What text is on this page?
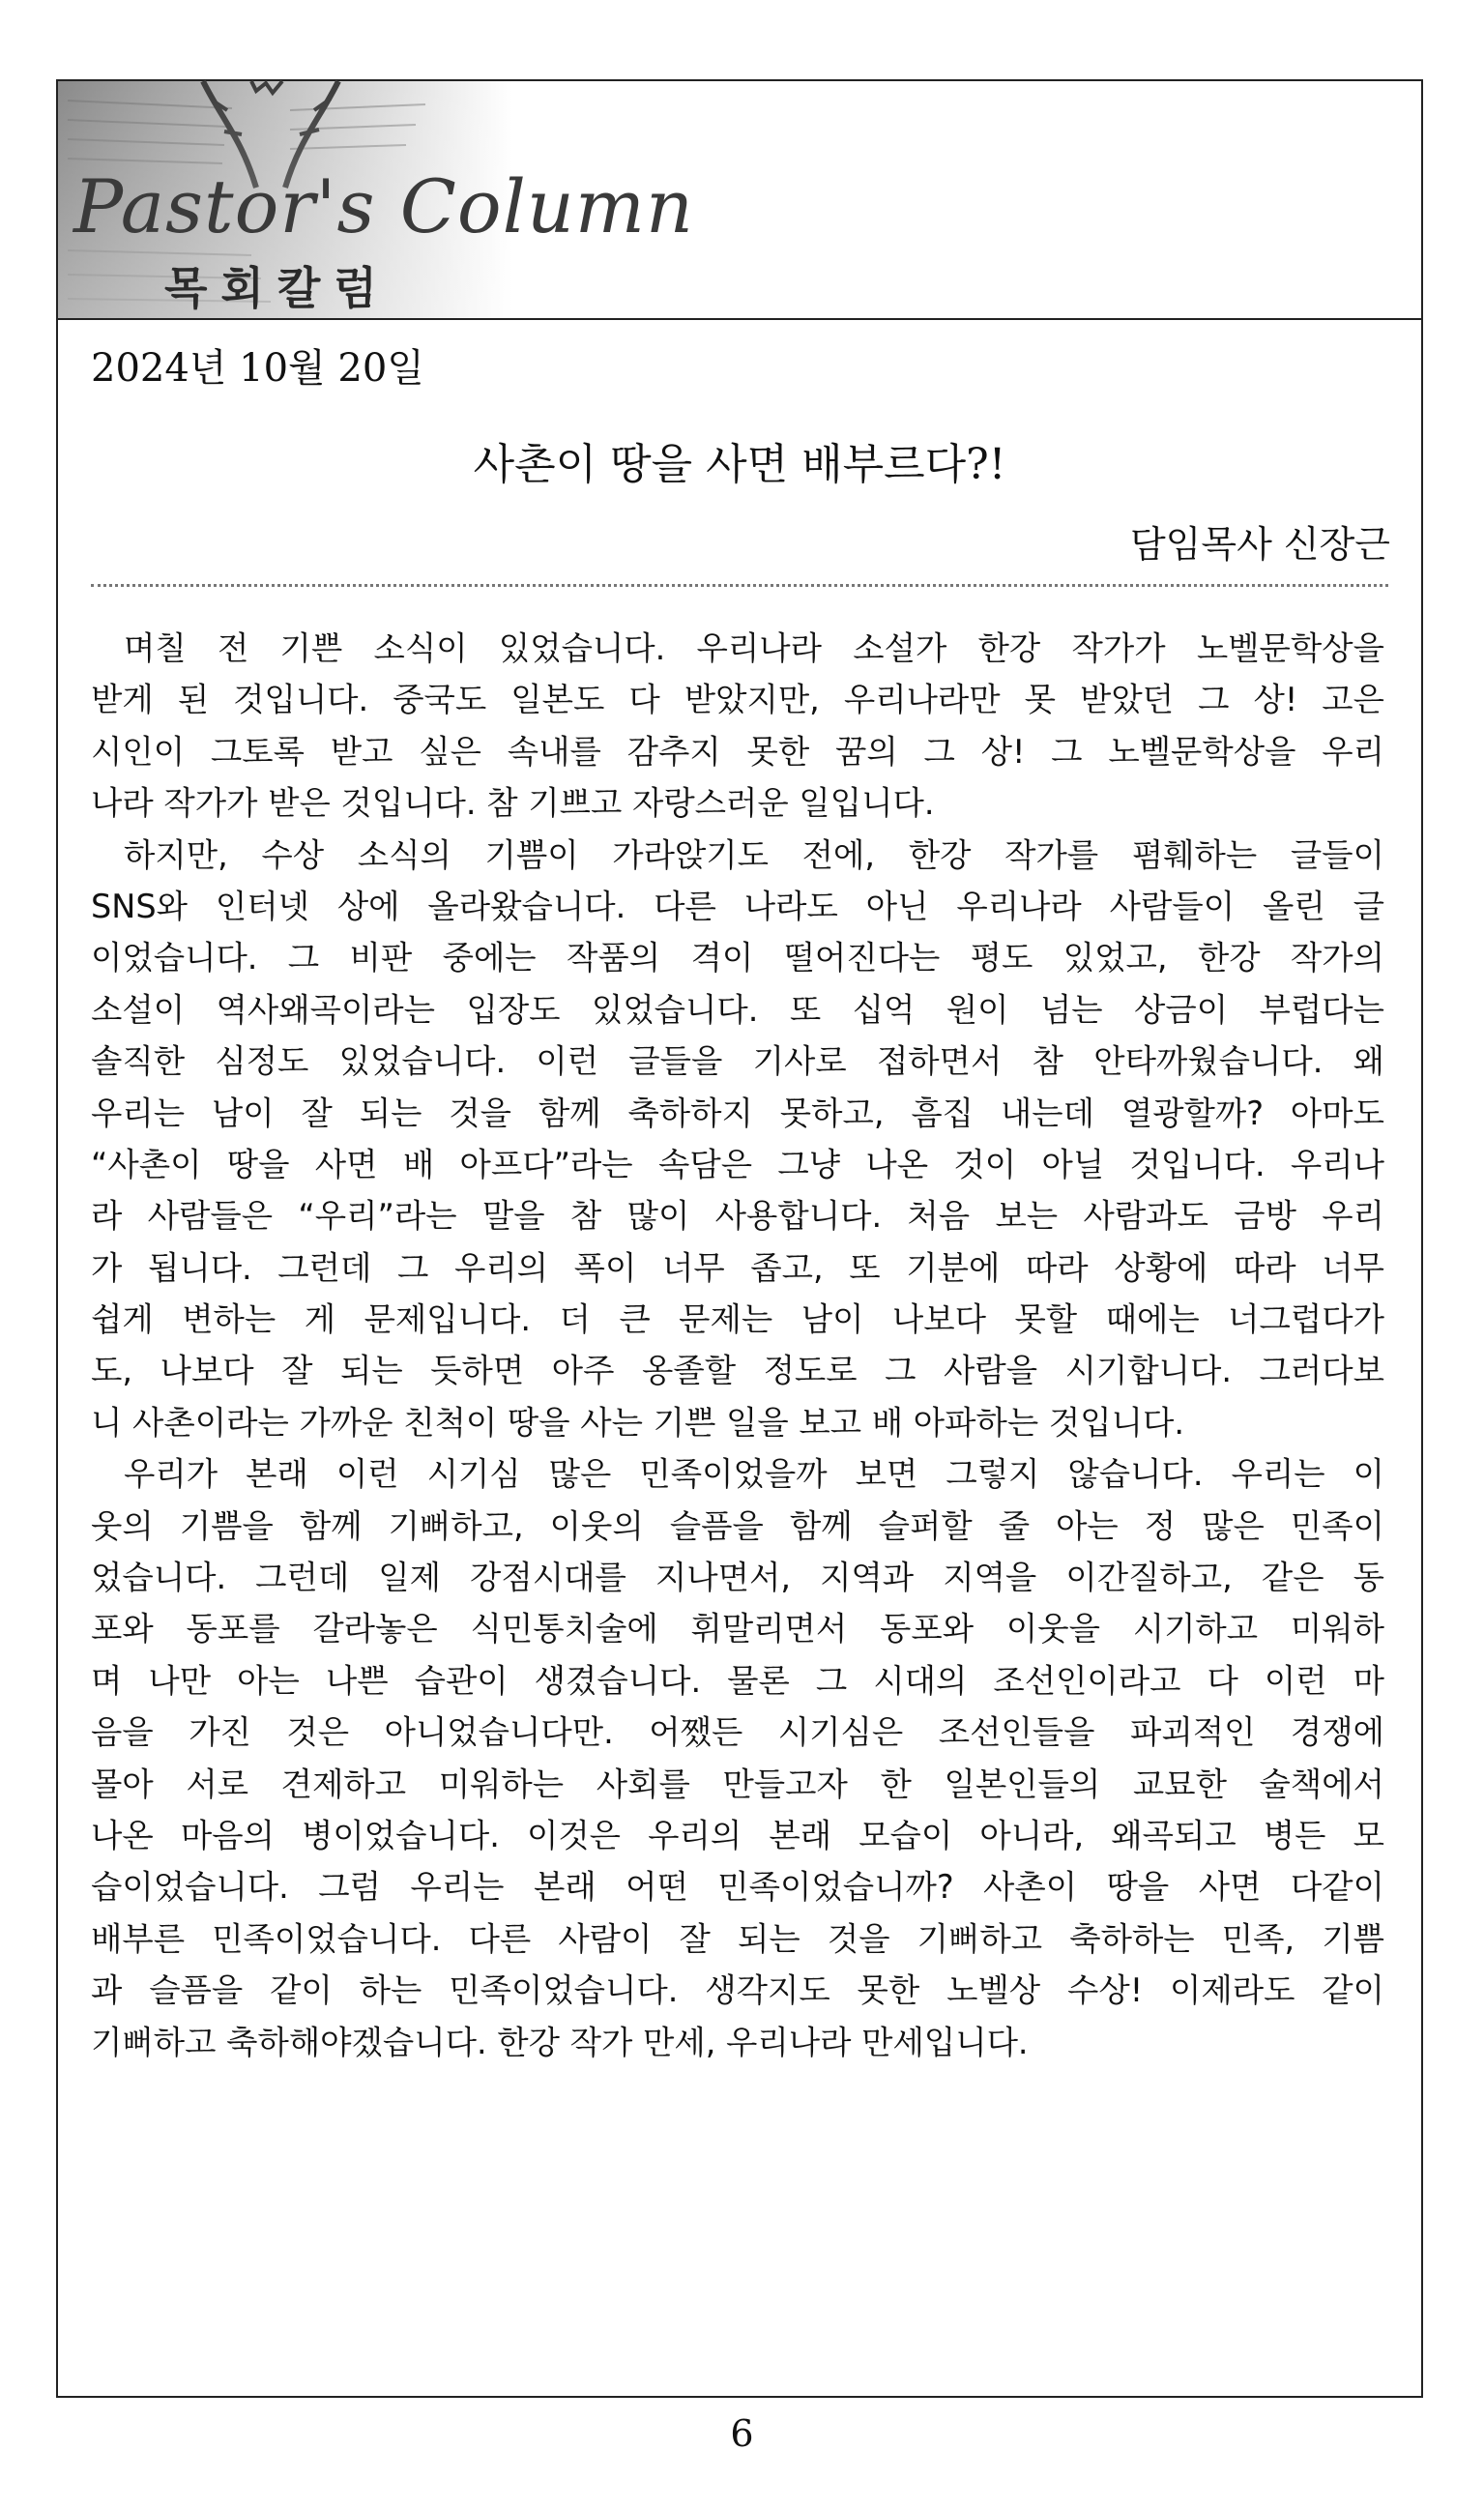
Pastor's Column
목회칼럼
2024년 10월 20일
사촌이 땅을 사면 배부르다?!
담임목사 신장근
며칠 전 기쁜 소식이 있었습니다. 우리나라 소설가 한강 작가가 노벨문학상을
받게 된 것입니다. 중국도 일본도 다 받았지만, 우리나라만 못 받았던 그 상! 고은
시인이 그토록 받고 싶은 속내를 감추지 못한 꿈의 그 상! 그 노벨문학상을 우리
나라 작가가 받은 것입니다. 참 기쁘고 자랑스러운 일입니다.
하지만, 수상 소식의 기쁨이 가라앉기도 전에, 한강 작가를 폄훼하는 글들이
SNS와 인터넷 상에 올라왔습니다. 다른 나라도 아닌 우리나라 사람들이 올린 글
이었습니다. 그 비판 중에는 작품의 격이 떨어진다는 평도 있었고, 한강 작가의
소설이 역사왜곡이라는 입장도 있었습니다. 또 십억 원이 넘는 상금이 부럽다는
솔직한 심정도 있었습니다. 이런 글들을 기사로 접하면서 참 안타까웠습니다. 왜
우리는 남이 잘 되는 것을 함께 축하하지 못하고, 흠집 내는데 열광할까? 아마도
“사촌이 땅을 사면 배 아프다”라는 속담은 그냥 나온 것이 아닐 것입니다. 우리나
라 사람들은 “우리”라는 말을 참 많이 사용합니다. 처음 보는 사람과도 금방 우리
가 됩니다. 그런데 그 우리의 폭이 너무 좁고, 또 기분에 따라 상황에 따라 너무
쉽게 변하는 게 문제입니다. 더 큰 문제는 남이 나보다 못할 때에는 너그럽다가
도, 나보다 잘 되는 듯하면 아주 옹졸할 정도로 그 사람을 시기합니다. 그러다보
니 사촌이라는 가까운 친척이 땅을 사는 기쁜 일을 보고 배 아파하는 것입니다.
우리가 본래 이런 시기심 많은 민족이었을까 보면 그렇지 않습니다. 우리는 이
웃의 기쁨을 함께 기뻐하고, 이웃의 슬픔을 함께 슬퍼할 줄 아는 정 많은 민족이
었습니다. 그런데 일제 강점시대를 지나면서, 지역과 지역을 이간질하고, 같은 동
포와 동포를 갈라놓은 식민통치술에 휘말리면서 동포와 이웃을 시기하고 미워하
며 나만 아는 나쁜 습관이 생겼습니다. 물론 그 시대의 조선인이라고 다 이런 마
음을 가진 것은 아니었습니다만. 어쨌든 시기심은 조선인들을 파괴적인 경쟁에
몰아 서로 견제하고 미워하는 사회를 만들고자 한 일본인들의 교묘한 술책에서
나온 마음의 병이었습니다. 이것은 우리의 본래 모습이 아니라, 왜곡되고 병든 모
습이었습니다. 그럼 우리는 본래 어떤 민족이었습니까? 사촌이 땅을 사면 다같이
배부른 민족이었습니다. 다른 사람이 잘 되는 것을 기뻐하고 축하하는 민족, 기쁨
과 슬픔을 같이 하는 민족이었습니다. 생각지도 못한 노벨상 수상! 이제라도 같이
기뻐하고 축하해야겠습니다. 한강 작가 만세, 우리나라 만세입니다.
6
